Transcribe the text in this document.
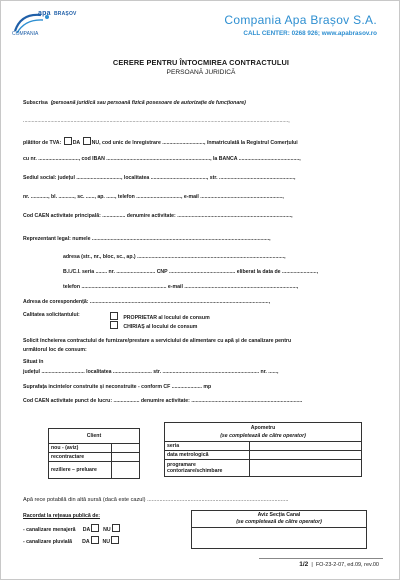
apa BRAȘOV
COMPANIA
Compania Apa Brașov S.A.
CALL CENTER: 0268 926; www.apabrasov.ro
CERERE PENTRU ÎNTOCMIREA CONTRACTULUI
PERSOANĂ JURIDICĂ
Subscrisa (persoană juridică sau persoană fizică posesoare de autorizație de funcționare)
........................................................................................................................................................................................,
plătitor de TVA: DA NU, cod unic de înregistrare ............................., înmatriculată la Registrul Comerțului
cu nr. ............................, cod IBAN ........................................................................, la BANCA ..........................................,
Sediul social: județul ..............................., localitatea ......................................., str. ....................................................,
nr. ............, bl. ..........., sc. ......, ap. ......, telefon ..............................., e-mail .........................................................,
Cod CAEN activitate principală: ................ denumire activitate: ...............................................................................,
Reprezentant legal: numele ...........................................................................................................................,
adresa (str., nr., bloc, sc., ap.) ......................................................................................................,
B.I./C.I. seria ........ nr. ........................... CNP .............................................. eliberat la data de ........................,
telefon ........................................................... e-mail ..............................................................................,
Adresa de corespondență: ............................................................................................................................,
Calitatea solicitantului:	PROPRIETAR al locului de consum
CHIRIAȘ al locului de consum
Solicit încheierea contractului de furnizare/prestare a serviciului de alimentare cu apă și de canalizare pentru
următorul loc de consum:
Situat în
județul .............................. localitatea ........................... str. ................................................................... nr. ......,
Suprafața incintelor construite și neconstruite - conform CF ..................... mp
Cod CAEN activitate punct de lucru: .................. denumire activitate: .............................................................................
Client	
nou - (aviz)	
recontractare	
reziliere – preluare	
Apometru
(se completează de către operator)	

seria	
data metrologică	
programare contorizare/schimbare	
Apă rece potabilă din altă sursă (dacă este cazul) ...........................................................................................
Racordat la rețeaua publică de:
- canalizare menajeră DA NU
- canalizare pluvială DA NU
Aviz Secția Canal
(se completează de către operator)

1/2  |  FO-23-2-07, ed.09, rev.00
